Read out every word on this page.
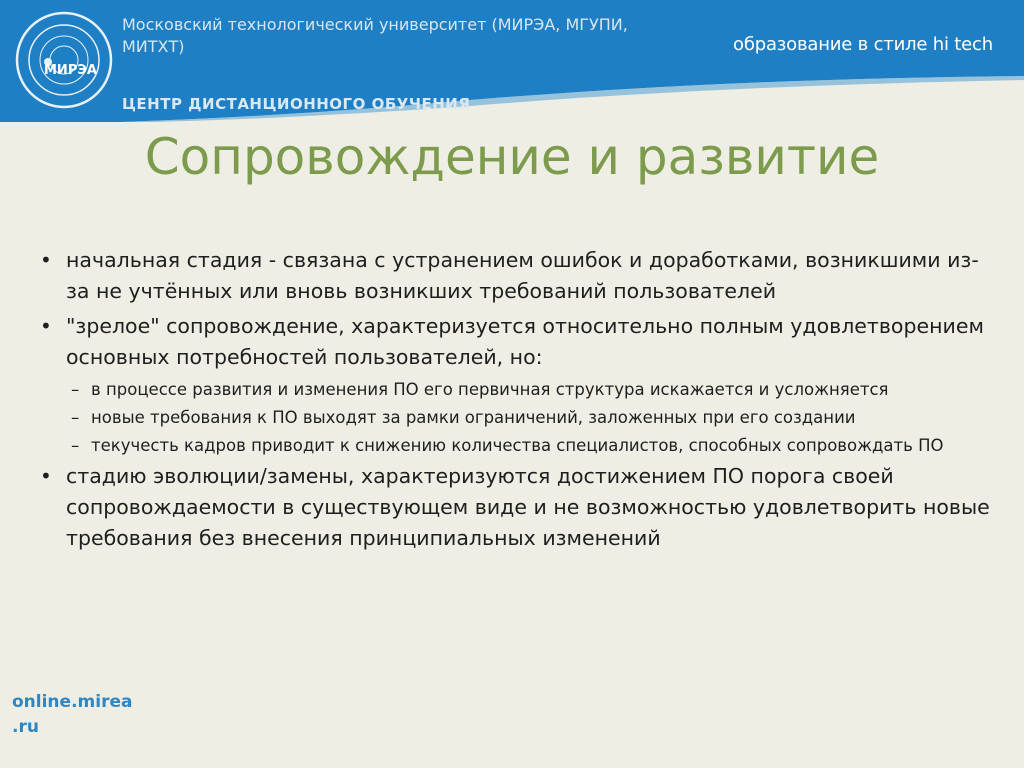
МИРЭА
Московский технологический университет (МИРЭА, МГУПИ, МИТХТ)	образование в стиле hi tech
ЦЕНТР ДИСТАНЦИОННОГО ОБУЧЕНИЯ
Сопровождение и развитие
• начальная стадия - связана с устранением ошибок и доработками, возникшими из-за не учтённых или вновь возникших требований пользователей
• "зрелое" сопровождение, характеризуется относительно полным удовлетворением основных потребностей пользователей, но:
– в процессе развития и изменения ПО его первичная структура искажается и усложняется
– новые требования к ПО выходят за рамки ограничений, заложенных при его создании
– текучесть кадров приводит к снижению количества специалистов, способных сопровождать ПО
• стадию эволюции/замены, характеризуются достижением ПО порога своей сопровождаемости в существующем виде и не возможностью удовлетворить новые требования без внесения принципиальных изменений
online.mirea
.ru
